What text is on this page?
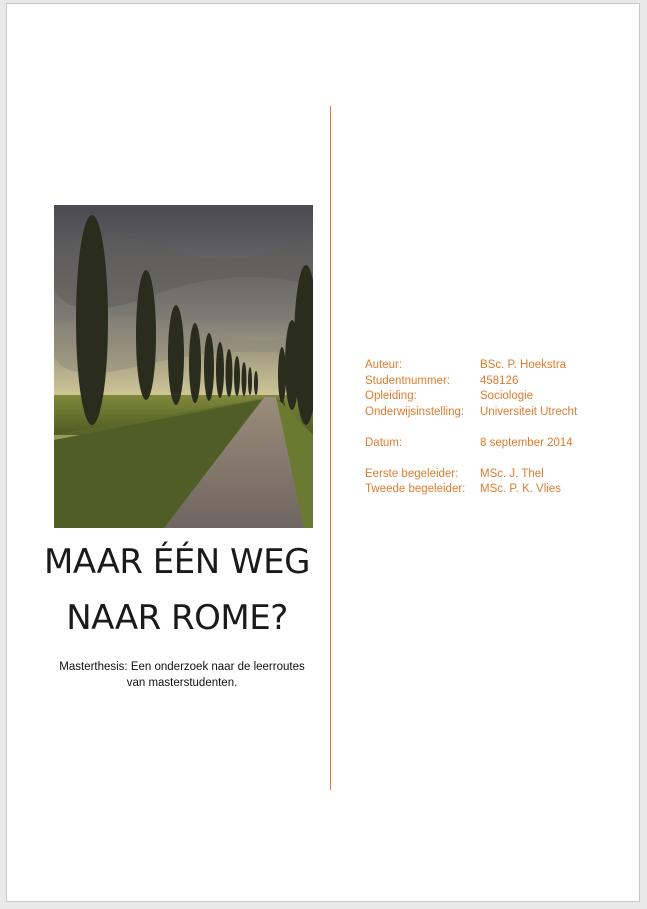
MAAR ÉÉN WEG
NAAR ROME?
Masterthesis: Een onderzoek naar de leerroutes
van masterstudenten.
Auteur:	BSc. P. Hoekstra
Studentnummer:	458126
Opleiding:	Sociologie
Onderwijsinstelling:	Universiteit Utrecht
Datum:	8 september 2014
Eerste begeleider:	MSc. J. Thel
Tweede begeleider:	MSc. P. K. Vlies
